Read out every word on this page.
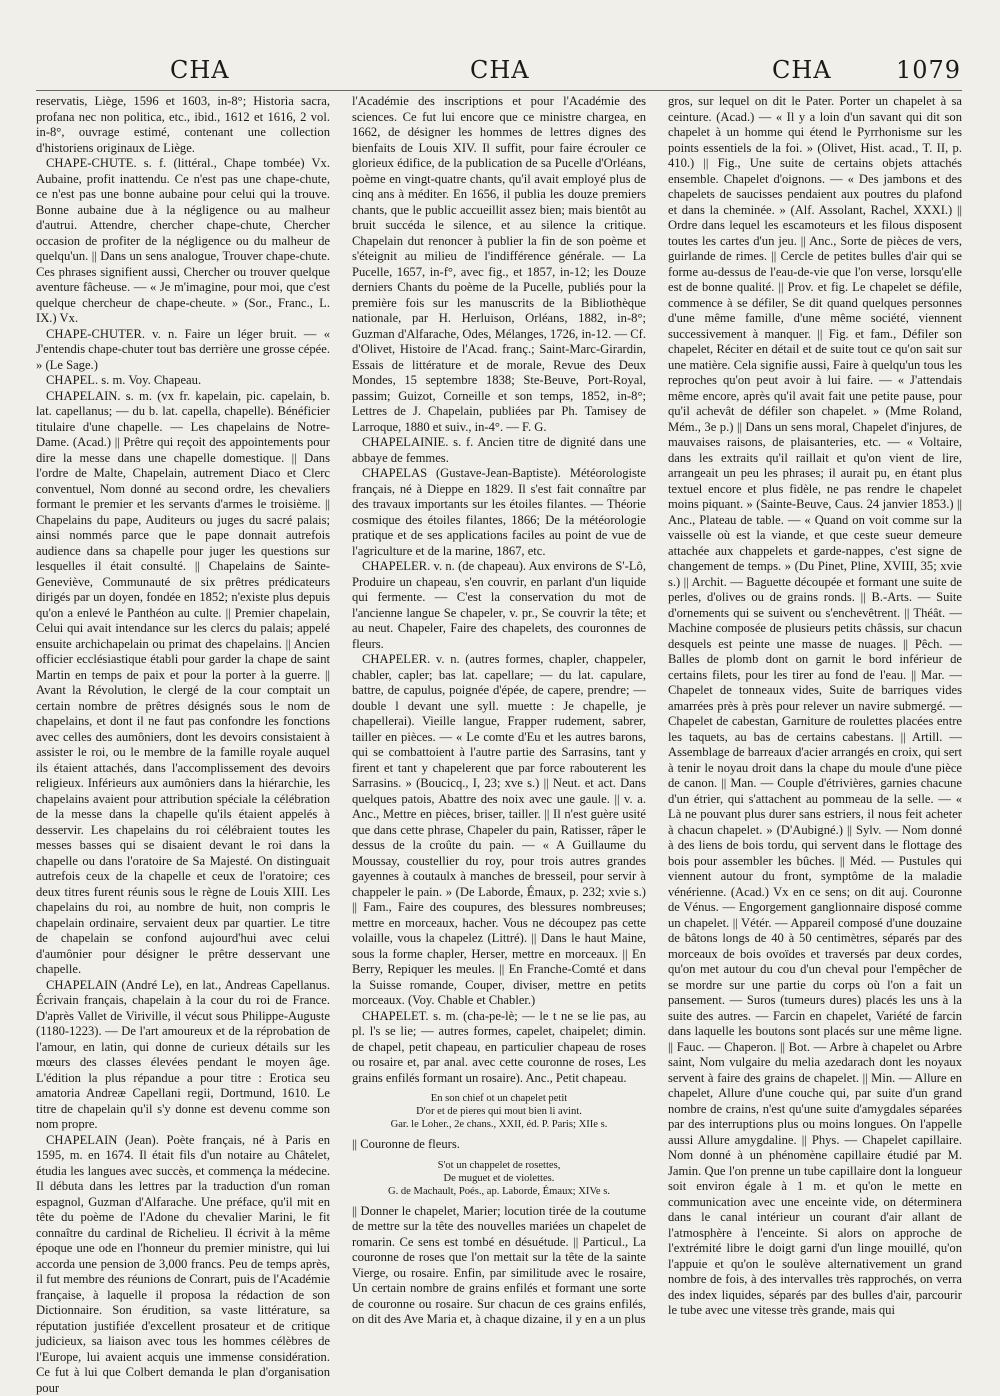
CHA	CHA	CHA	1079

reservatis, Liège, 1596 et 1603, in-8°; Historia sacra, profana nec non politica, etc., ibid., 1612 et 1616, 2 vol. in-8°, ouvrage estimé, contenant une collection d'historiens originaux de Liège.

CHAPE-CHUTE. s. f. (littéral., Chape tombée) Vx. Aubaine, profit inattendu. Ce n'est pas une chape-chute, ce n'est pas une bonne aubaine pour celui qui la trouve. Bonne aubaine due à la négligence ou au malheur d'autrui. Attendre, chercher chape-chute, Chercher occasion de profiter de la négligence ou du malheur de quelqu'un. || Dans un sens analogue, Trouver chape-chute. Ces phrases signifient aussi, Chercher ou trouver quelque aventure fâcheuse. — « Je m'imagine, pour moi, que c'est quelque chercheur de chape-cheute. » (Sor., Franc., L. IX.) Vx.

CHAPE-CHUTER. v. n. Faire un léger bruit. — « J'entendis chape-chuter tout bas derrière une grosse cépée. » (Le Sage.)

CHAPEL. s. m. Voy. Chapeau.

CHAPELAIN. s. m. (vx fr. kapelain, pic. capelain, b. lat. capellanus; — du b. lat. capella, chapelle). Bénéficier titulaire d'une chapelle. — Les chapelains de Notre-Dame. (Acad.) || Prêtre qui reçoit des appointements pour dire la messe dans une chapelle domestique. || Dans l'ordre de Malte, Chapelain, autrement Diaco et Clerc conventuel, Nom donné au second ordre, les chevaliers formant le premier et les servants d'armes le troisième. || Chapelains du pape, Auditeurs ou juges du sacré palais; ainsi nommés parce que le pape donnait autrefois audience dans sa chapelle pour juger les questions sur lesquelles il était consulté. || Chapelains de Sainte-Geneviève, Communauté de six prêtres prédicateurs dirigés par un doyen, fondée en 1852; n'existe plus depuis qu'on a enlevé le Panthéon au culte. || Premier chapelain, Celui qui avait intendance sur les clercs du palais; appelé ensuite archichapelain ou primat des chapelains. || Ancien officier ecclésiastique établi pour garder la chape de saint Martin en temps de paix et pour la porter à la guerre. || Avant la Révolution, le clergé de la cour comptait un certain nombre de prêtres désignés sous le nom de chapelains, et dont il ne faut pas confondre les fonctions avec celles des aumôniers, dont les devoirs consistaient à assister le roi, ou le membre de la famille royale auquel ils étaient attachés, dans l'accomplissement des devoirs religieux. Inférieurs aux aumôniers dans la hiérarchie, les chapelains avaient pour attribution spéciale la célébration de la messe dans la chapelle qu'ils étaient appelés à desservir. Les chapelains du roi célébraient toutes les messes basses qui se disaient devant le roi dans la chapelle ou dans l'oratoire de Sa Majesté. On distinguait autrefois ceux de la chapelle et ceux de l'oratoire; ces deux titres furent réunis sous le règne de Louis XIII. Les chapelains du roi, au nombre de huit, non compris le chapelain ordinaire, servaient deux par quartier. Le titre de chapelain se confond aujourd'hui avec celui d'aumônier pour désigner le prêtre desservant une chapelle.

CHAPELAIN (André Le), en lat., Andreas Capellanus. Écrivain français, chapelain à la cour du roi de France. D'après Vallet de Viriville, il vécut sous Philippe-Auguste (1180-1223). — De l'art amoureux et de la réprobation de l'amour, en latin, qui donne de curieux détails sur les mœurs des classes élevées pendant le moyen âge. L'édition la plus répandue a pour titre : Erotica seu amatoria Andreæ Capellani regii, Dortmund, 1610. Le titre de chapelain qu'il s'y donne est devenu comme son nom propre.

CHAPELAIN (Jean). Poète français, né à Paris en 1595, m. en 1674. Il était fils d'un notaire au Châtelet, étudia les langues avec succès, et commença la médecine. Il débuta dans les lettres par la traduction d'un roman espagnol, Guzman d'Alfarache. Une préface, qu'il mit en tête du poème de l'Adone du chevalier Marini, le fit connaître du cardinal de Richelieu. Il écrivit à la même époque une ode en l'honneur du premier ministre, qui lui accorda une pension de 3,000 francs. Peu de temps après, il fut membre des réunions de Conrart, puis de l'Académie française, à laquelle il proposa la rédaction de son Dictionnaire. Son érudition, sa vaste littérature, sa réputation justifiée d'excellent prosateur et de critique judicieux, sa liaison avec tous les hommes célèbres de l'Europe, lui avaient acquis une immense considération. Ce fut à lui que Colbert demanda le plan d'organisation pour

l'Académie des inscriptions et pour l'Académie des sciences. Ce fut lui encore que ce ministre chargea, en 1662, de désigner les hommes de lettres dignes des bienfaits de Louis XIV. Il suffit, pour faire écrouler ce glorieux édifice, de la publication de sa Pucelle d'Orléans, poème en vingt-quatre chants, qu'il avait employé plus de cinq ans à méditer. En 1656, il publia les douze premiers chants, que le public accueillit assez bien; mais bientôt au bruit succéda le silence, et au silence la critique. Chapelain dut renoncer à publier la fin de son poème et s'éteignit au milieu de l'indifférence générale. — La Pucelle, 1657, in-f°, avec fig., et 1857, in-12; les Douze derniers Chants du poème de la Pucelle, publiés pour la première fois sur les manuscrits de la Bibliothèque nationale, par H. Herluison, Orléans, 1882, in-8°; Guzman d'Alfarache, Odes, Mélanges, 1726, in-12. — Cf. d'Olivet, Histoire de l'Acad. franç.; Saint-Marc-Girardin, Essais de littérature et de morale, Revue des Deux Mondes, 15 septembre 1838; Ste-Beuve, Port-Royal, passim; Guizot, Corneille et son temps, 1852, in-8°; Lettres de J. Chapelain, publiées par Ph. Tamisey de Larroque, 1880 et suiv., in-4°. — F. G.

CHAPELAINIE. s. f. Ancien titre de dignité dans une abbaye de femmes.

CHAPELAS (Gustave-Jean-Baptiste). Météorologiste français, né à Dieppe en 1829. Il s'est fait connaître par des travaux importants sur les étoiles filantes. — Théorie cosmique des étoiles filantes, 1866; De la météorologie pratique et de ses applications faciles au point de vue de l'agriculture et de la marine, 1867, etc.

CHAPELER. v. n. (de chapeau). Aux environs de S'-Lô, Produire un chapeau, s'en couvrir, en parlant d'un liquide qui fermente. — C'est la conservation du mot de l'ancienne langue Se chapeler, v. pr., Se couvrir la tête; et au neut. Chapeler, Faire des chapelets, des couronnes de fleurs.

CHAPELER. v. n. (autres formes, chapler, chappeler, chabler, capler; bas lat. capellare; — du lat. capulare, battre, de capulus, poignée d'épée, de capere, prendre; — double l devant une syll. muette : Je chapelle, je chapellerai). Vieille langue, Frapper rudement, sabrer, tailler en pièces. — « Le comte d'Eu et les autres barons, qui se combattoient à l'autre partie des Sarrasins, tant y firent et tant y chapelerent que par force rabouterent les Sarrasins. » (Boucicq., I, 23; xve s.) || Neut. et act. Dans quelques patois, Abattre des noix avec une gaule. || v. a. Anc., Mettre en pièces, briser, tailler. || Il n'est guère usité que dans cette phrase, Chapeler du pain, Ratisser, râper le dessus de la croûte du pain. — « A Guillaume du Moussay, coustellier du roy, pour trois autres grandes gayennes à coutaulx à manches de bresseil, pour servir à chappeler le pain. » (De Laborde, Émaux, p. 232; xvie s.) || Fam., Faire des coupures, des blessures nombreuses; mettre en morceaux, hacher. Vous ne découpez pas cette volaille, vous la chapelez (Littré). || Dans le haut Maine, sous la forme chapler, Herser, mettre en morceaux. || En Berry, Repiquer les meules. || En Franche-Comté et dans la Suisse romande, Couper, diviser, mettre en petits morceaux. (Voy. Chable et Chabler.)

CHAPELET. s. m. (cha-pe-lè; — le t ne se lie pas, au pl. l's se lie; — autres formes, capelet, chaipelet; dimin. de chapel, petit chapeau, en particulier chapeau de roses ou rosaire et, par anal. avec cette couronne de roses, Les grains enfilés formant un rosaire). Anc., Petit chapeau.

En son chief ot un chapelet petit
D'or et de pieres qui mout bien li avint.
Gar. le Loher., 2e chans., XXII, éd. P. Paris; XIIe s.

|| Couronne de fleurs.

S'ot un chappelet de rosettes,
De muguet et de violettes.
G. de Machault, Poés., ap. Laborde, Émaux; XIVe s.

|| Donner le chapelet, Marier; locution tirée de la coutume de mettre sur la tête des nouvelles mariées un chapelet de romarin. Ce sens est tombé en désuétude. || Particul., La couronne de roses que l'on mettait sur la tête de la sainte Vierge, ou rosaire. Enfin, par similitude avec le rosaire, Un certain nombre de grains enfilés et formant une sorte de couronne ou rosaire. Sur chacun de ces grains enfilés, on dit des Ave Maria et, à chaque dizaine, il y en a un plus

gros, sur lequel on dit le Pater. Porter un chapelet à sa ceinture. (Acad.) — « Il y a loin d'un savant qui dit son chapelet à un homme qui étend le Pyrrhonisme sur les points essentiels de la foi. » (Olivet, Hist. acad., T. II, p. 410.) || Fig., Une suite de certains objets attachés ensemble. Chapelet d'oignons. — « Des jambons et des chapelets de saucisses pendaient aux poutres du plafond et dans la cheminée. » (Alf. Assolant, Rachel, XXXI.) || Ordre dans lequel les escamoteurs et les filous disposent toutes les cartes d'un jeu. || Anc., Sorte de pièces de vers, guirlande de rimes. || Cercle de petites bulles d'air qui se forme au-dessus de l'eau-de-vie que l'on verse, lorsqu'elle est de bonne qualité. || Prov. et fig. Le chapelet se défile, commence à se défiler, Se dit quand quelques personnes d'une même famille, d'une même société, viennent successivement à manquer. || Fig. et fam., Défiler son chapelet, Réciter en détail et de suite tout ce qu'on sait sur une matière. Cela signifie aussi, Faire à quelqu'un tous les reproches qu'on peut avoir à lui faire. — « J'attendais même encore, après qu'il avait fait une petite pause, pour qu'il achevât de défiler son chapelet. » (Mme Roland, Mém., 3e p.) || Dans un sens moral, Chapelet d'injures, de mauvaises raisons, de plaisanteries, etc. — « Voltaire, dans les extraits qu'il raillait et qu'on vient de lire, arrangeait un peu les phrases; il aurait pu, en étant plus textuel encore et plus fidèle, ne pas rendre le chapelet moins piquant. » (Sainte-Beuve, Caus. 24 janvier 1853.) || Anc., Plateau de table. — « Quand on voit comme sur la vaisselle où est la viande, et que ceste sueur demeure attachée aux chappelets et garde-nappes, c'est signe de changement de temps. » (Du Pinet, Pline, XVIII, 35; xvie s.) || Archit. — Baguette découpée et formant une suite de perles, d'olives ou de grains ronds. || B.-Arts. — Suite d'ornements qui se suivent ou s'enchevêtrent. || Théât. — Machine composée de plusieurs petits châssis, sur chacun desquels est peinte une masse de nuages. || Pêch. — Balles de plomb dont on garnit le bord inférieur de certains filets, pour les tirer au fond de l'eau. || Mar. — Chapelet de tonneaux vides, Suite de barriques vides amarrées près à près pour relever un navire submergé. — Chapelet de cabestan, Garniture de roulettes placées entre les taquets, au bas de certains cabestans. || Artill. — Assemblage de barreaux d'acier arrangés en croix, qui sert à tenir le noyau droit dans la chape du moule d'une pièce de canon. || Man. — Couple d'étrivières, garnies chacune d'un étrier, qui s'attachent au pommeau de la selle. — « Là ne pouvant plus durer sans estriers, il nous feit acheter à chacun chapelet. » (D'Aubigné.) || Sylv. — Nom donné à des liens de bois tordu, qui servent dans le flottage des bois pour assembler les bûches. || Méd. — Pustules qui viennent autour du front, symptôme de la maladie vénérienne. (Acad.) Vx en ce sens; on dit auj. Couronne de Vénus. — Engorgement ganglionnaire disposé comme un chapelet. || Vétér. — Appareil composé d'une douzaine de bâtons longs de 40 à 50 centimètres, séparés par des morceaux de bois ovoïdes et traversés par deux cordes, qu'on met autour du cou d'un cheval pour l'empêcher de se mordre sur une partie du corps où l'on a fait un pansement. — Suros (tumeurs dures) placés les uns à la suite des autres. — Farcin en chapelet, Variété de farcin dans laquelle les boutons sont placés sur une même ligne. || Fauc. — Chaperon. || Bot. — Arbre à chapelet ou Arbre saint, Nom vulgaire du melia azedarach dont les noyaux servent à faire des grains de chapelet. || Min. — Allure en chapelet, Allure d'une couche qui, par suite d'un grand nombre de crains, n'est qu'une suite d'amygdales séparées par des interruptions plus ou moins longues. On l'appelle aussi Allure amygdaline. || Phys. — Chapelet capillaire. Nom donné à un phénomène capillaire étudié par M. Jamin. Que l'on prenne un tube capillaire dont la longueur soit environ égale à 1 m. et qu'on le mette en communication avec une enceinte vide, on déterminera dans le canal intérieur un courant d'air allant de l'atmosphère à l'enceinte. Si alors on approche de l'extrémité libre le doigt garni d'un linge mouillé, qu'on l'appuie et qu'on le soulève alternativement un grand nombre de fois, à des intervalles très rapprochés, on verra des index liquides, séparés par des bulles d'air, parcourir le tube avec une vitesse très grande, mais qui
